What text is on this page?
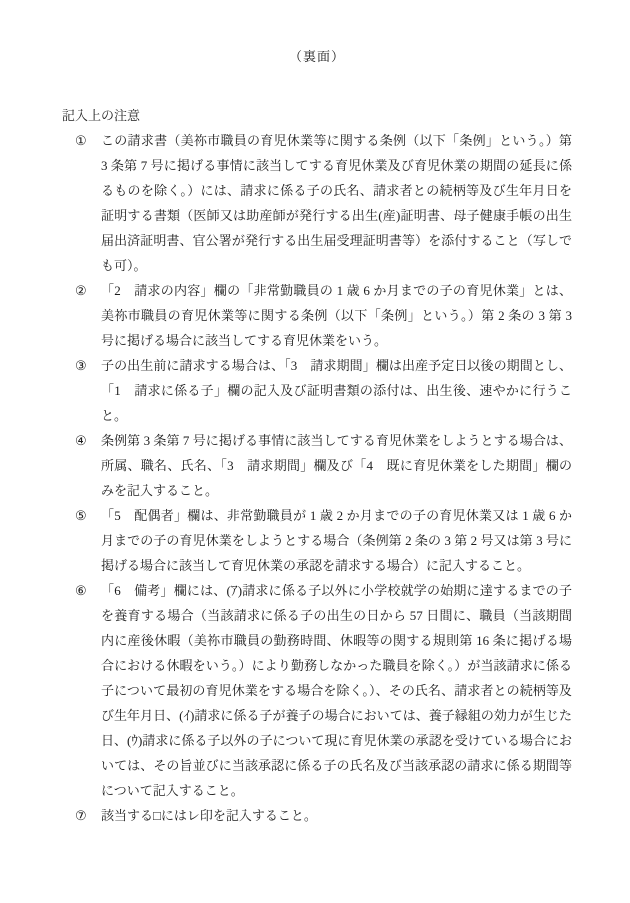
（裏面）
記入上の注意
①	この請求書（美祢市職員の育児休業等に関する条例（以下「条例」という。）第 3 条第 7 号に掲げる事情に該当してする育児休業及び育児休業の期間の延長に係るものを除く。）には、請求に係る子の氏名、請求者との続柄等及び生年月日を証明する書類（医師又は助産師が発行する出生(産)証明書、母子健康手帳の出生届出済証明書、官公署が発行する出生届受理証明書等）を添付すること（写しでも可）。
②	「2　請求の内容」欄の「非常勤職員の 1 歳 6 か月までの子の育児休業」とは、美祢市職員の育児休業等に関する条例（以下「条例」という。）第 2 条の 3 第 3 号に掲げる場合に該当してする育児休業をいう。
③	子の出生前に請求する場合は、「3　請求期間」欄は出産予定日以後の期間とし、「1　請求に係る子」欄の記入及び証明書類の添付は、出生後、速やかに行うこと。
④	条例第 3 条第 7 号に掲げる事情に該当してする育児休業をしようとする場合は、所属、職名、氏名、「3　請求期間」欄及び「4　既に育児休業をした期間」欄のみを記入すること。
⑤	「5　配偶者」欄は、非常勤職員が 1 歳 2 か月までの子の育児休業又は 1 歳 6 か月までの子の育児休業をしようとする場合（条例第 2 条の 3 第 2 号又は第 3 号に掲げる場合に該当して育児休業の承認を請求する場合）に記入すること。
⑥	「6　備考」欄には、(ｱ)請求に係る子以外に小学校就学の始期に達するまでの子を養育する場合（当該請求に係る子の出生の日から 57 日間に、職員（当該期間内に産後休暇（美祢市職員の勤務時間、休暇等の関する規則第 16 条に掲げる場合における休暇をいう。）により勤務しなかった職員を除く。）が当該請求に係る子について最初の育児休業をする場合を除く。）、その氏名、請求者との続柄等及び生年月日、(ｲ)請求に係る子が養子の場合においては、養子縁組の効力が生じた日、(ｳ)請求に係る子以外の子について現に育児休業の承認を受けている場合においては、その旨並びに当該承認に係る子の氏名及び当該承認の請求に係る期間等について記入すること。
⑦	該当する□にはレ印を記入すること。
